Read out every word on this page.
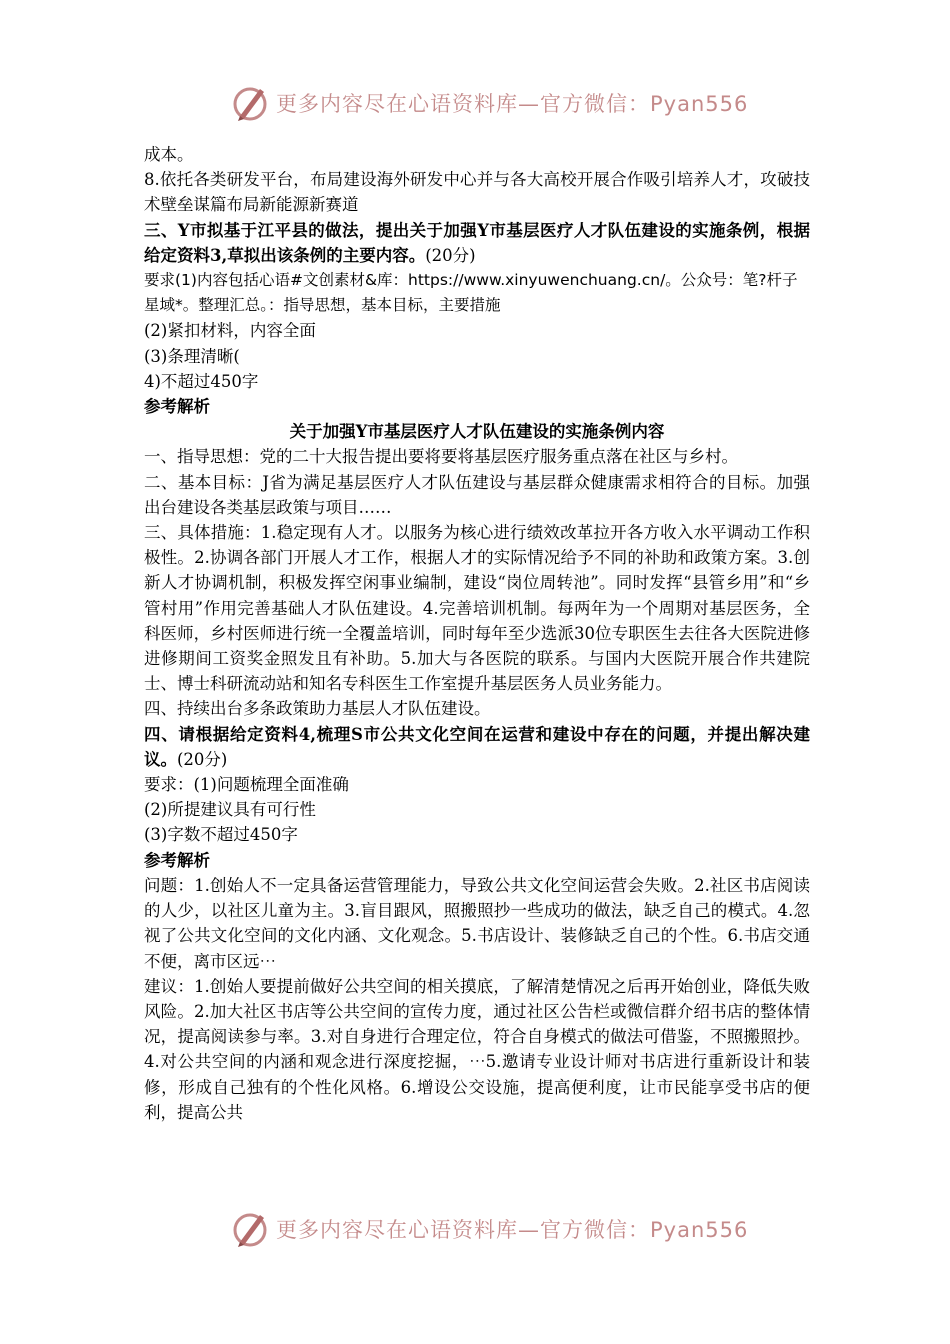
更多内容尽在心语资料库—官方微信：Pyan556

成本。

8.依托各类研发平台，布局建设海外研发中心并与各大高校开展合作吸引培养人才，攻破技术壁垒谋篇布局新能源新赛道

三、Y市拟基于江平县的做法，提出关于加强Y市基层医疗人才队伍建设的实施条例，根据给定资料3,草拟出该条例的主要内容。(20分)

要求(1)内容包括心语#文创素材&库：https://www.xinyuwenchuang.cn/。公众号：笔?杆子星域*。整理汇总。：指导思想，基本目标，主要措施

(2)紧扣材料，内容全面

(3)条理清晰(

4)不超过450字

参考解析

关于加强Y市基层医疗人才队伍建设的实施条例内容

一、指导思想：党的二十大报告提出要将要将基层医疗服务重点落在社区与乡村。

二、基本目标：J省为满足基层医疗人才队伍建设与基层群众健康需求相符合的目标。加强出台建设各类基层政策与项目……

三、具体措施：1.稳定现有人才。以服务为核心进行绩效改革拉开各方收入水平调动工作积极性。2.协调各部门开展人才工作，根据人才的实际情况给予不同的补助和政策方案。3.创新人才协调机制，积极发挥空闲事业编制，建设“岗位周转池”。同时发挥“县管乡用”和“乡管村用”作用完善基础人才队伍建设。4.完善培训机制。每两年为一个周期对基层医务，全科医师，乡村医师进行统一全覆盖培训，同时每年至少选派30位专职医生去往各大医院进修进修期间工资奖金照发且有补助。5.加大与各医院的联系。与国内大医院开展合作共建院士、博士科研流动站和知名专科医生工作室提升基层医务人员业务能力。

四、持续出台多条政策助力基层人才队伍建设。

四、请根据给定资料4,梳理S市公共文化空间在运营和建设中存在的问题，并提出解决建议。(20分)

要求：(1)问题梳理全面准确

(2)所提建议具有可行性

(3)字数不超过450字

参考解析

问题：1.创始人不一定具备运营管理能力，导致公共文化空间运营会失败。2.社区书店阅读的人少，以社区儿童为主。3.盲目跟风，照搬照抄一些成功的做法，缺乏自己的模式。4.忽视了公共文化空间的文化内涵、文化观念。5.书店设计、装修缺乏自己的个性。6.书店交通不便，离市区远⋯

建议：1.创始人要提前做好公共空间的相关摸底，了解清楚情况之后再开始创业，降低失败风险。2.加大社区书店等公共空间的宣传力度，通过社区公告栏或微信群介绍书店的整体情况，提高阅读参与率。3.对自身进行合理定位，符合自身模式的做法可借鉴，不照搬照抄。4.对公共空间的内涵和观念进行深度挖掘，⋯5.邀请专业设计师对书店进行重新设计和装修，形成自己独有的个性化风格。6.增设公交设施，提高便利度，让市民能享受书店的便利，提高公共

更多内容尽在心语资料库—官方微信：Pyan556
